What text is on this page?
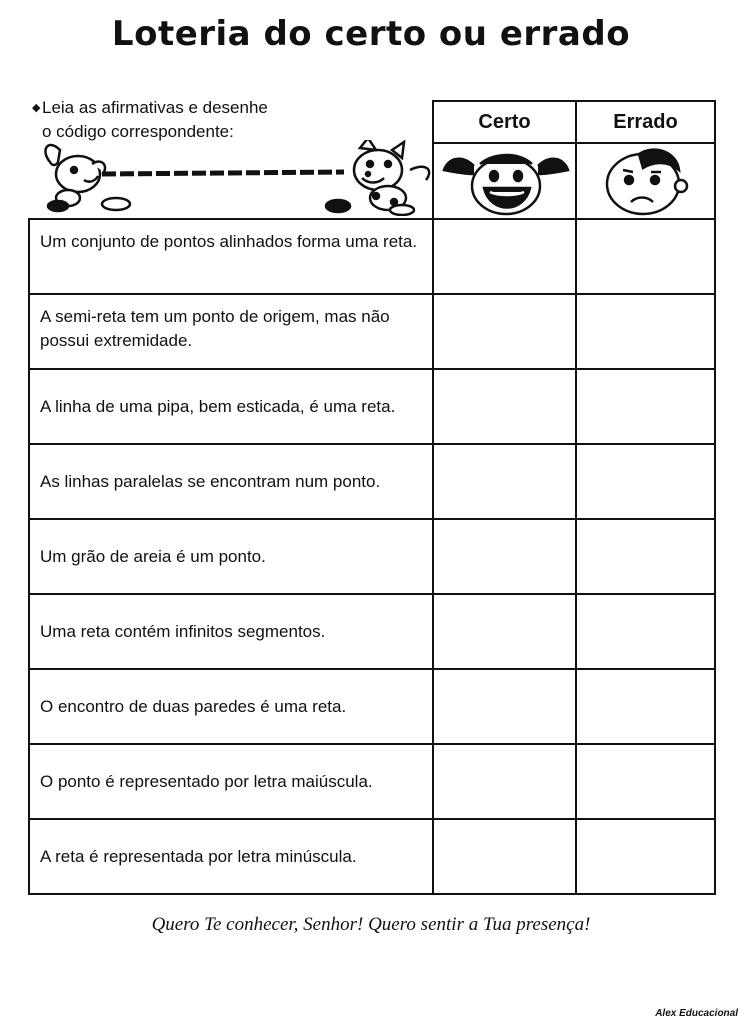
Loteria do certo ou errado
◆ Leia as afirmativas e desenhe
o código correspondente:	Certo	Errado
Um conjunto de pontos alinhados forma uma reta.
A semi-reta tem um ponto de origem, mas não possui extremidade.
A linha de uma pipa, bem esticada, é uma reta.
As linhas paralelas se encontram num ponto.
Um grão de areia é um ponto.
Uma reta contém infinitos segmentos.
O encontro de duas paredes é uma reta.
O ponto é representado por letra maiúscula.
A reta é representada por letra minúscula.
Quero Te conhecer, Senhor! Quero sentir a Tua presença!
Alex Educacional
